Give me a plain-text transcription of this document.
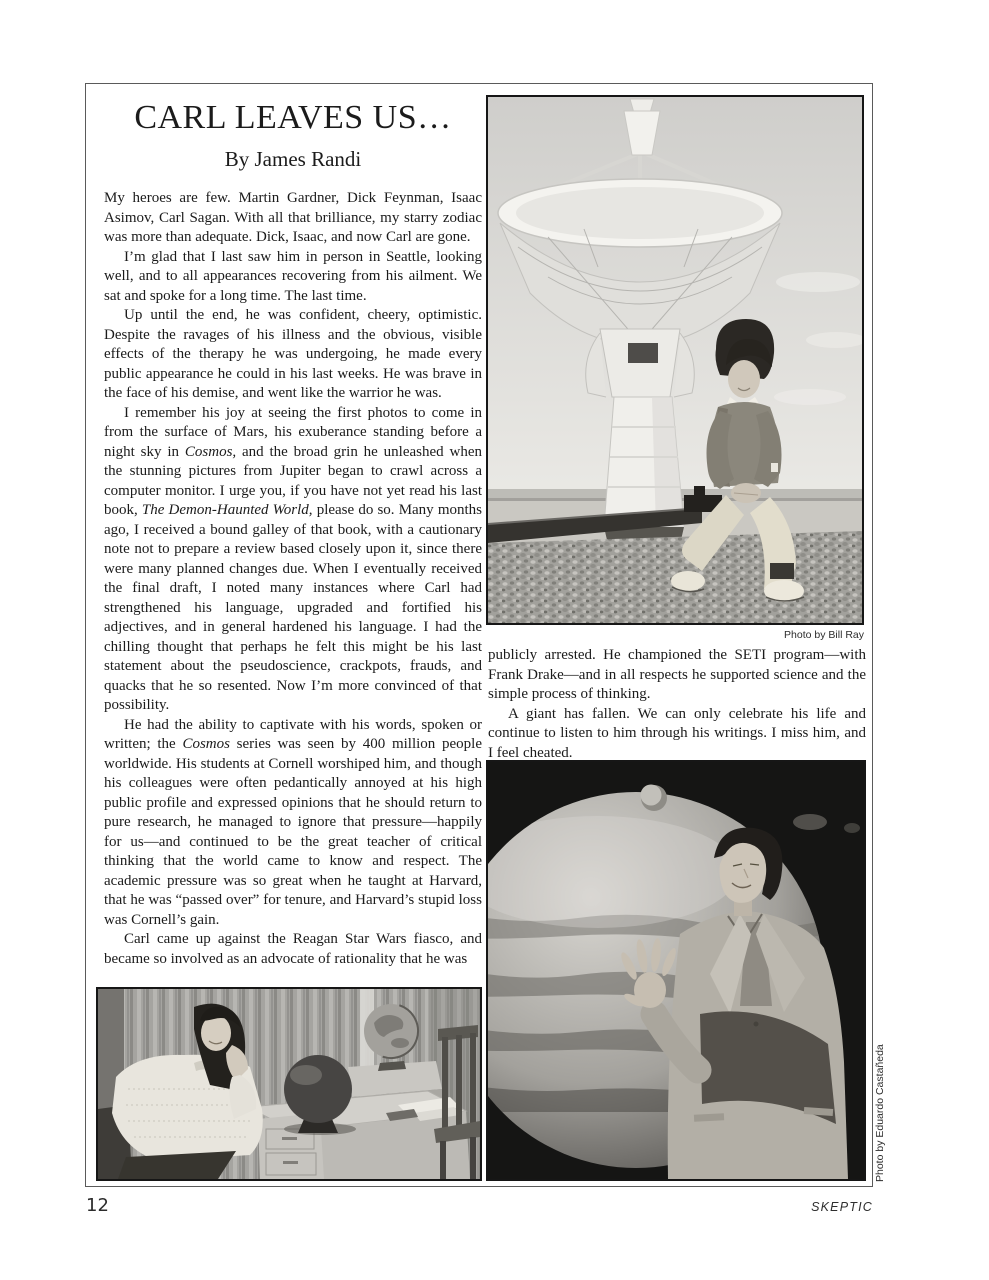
CARL LEAVES US…
By James Randi

My heroes are few. Martin Gardner, Dick Feynman, Isaac Asimov, Carl Sagan. With all that brilliance, my starry zodiac was more than adequate. Dick, Isaac, and now Carl are gone.

I’m glad that I last saw him in person in Seattle, looking well, and to all appearances recovering from his ailment. We sat and spoke for a long time. The last time.

Up until the end, he was confident, cheery, optimistic. Despite the ravages of his illness and the obvious, visible effects of the therapy he was undergoing, he made every public appearance he could in his last weeks. He was brave in the face of his demise, and went like the warrior he was.

I remember his joy at seeing the first photos to come in from the surface of Mars, his exuberance standing before a night sky in Cosmos, and the broad grin he unleashed when the stunning pictures from Jupiter began to crawl across a computer monitor. I urge you, if you have not yet read his last book, The Demon-Haunted World, please do so. Many months ago, I received a bound galley of that book, with a cautionary note not to prepare a review based closely upon it, since there were many planned changes due. When I eventually received the final draft, I noted many instances where Carl had strengthened his language, upgraded and fortified his adjectives, and in general hardened his language. I had the chilling thought that perhaps he felt this might be his last statement about the pseudoscience, crackpots, frauds, and quacks that he so resented. Now I’m more convinced of that possibility.

He had the ability to captivate with his words, spoken or written; the Cosmos series was seen by 400 million people worldwide. His students at Cornell worshiped him, and though his colleagues were often pedantically annoyed at his high public profile and expressed opinions that he should return to pure research, he managed to ignore that pressure—happily for us—and continued to be the great teacher of critical thinking that the world came to know and respect. The academic pressure was so great when he taught at Harvard, that he was “passed over” for tenure, and Harvard’s stupid loss was Cornell’s gain.

Carl came up against the Reagan Star Wars fiasco, and became so involved as an advocate of rationality that he was

Photo by Bill Ray

publicly arrested. He championed the SETI program—with Frank Drake—and in all respects he supported science and the simple process of thinking.

A giant has fallen. We can only celebrate his life and continue to listen to him through his writings. I miss him, and I feel cheated.

Photo by Eduardo Castañeda
12	SKEPTIC
